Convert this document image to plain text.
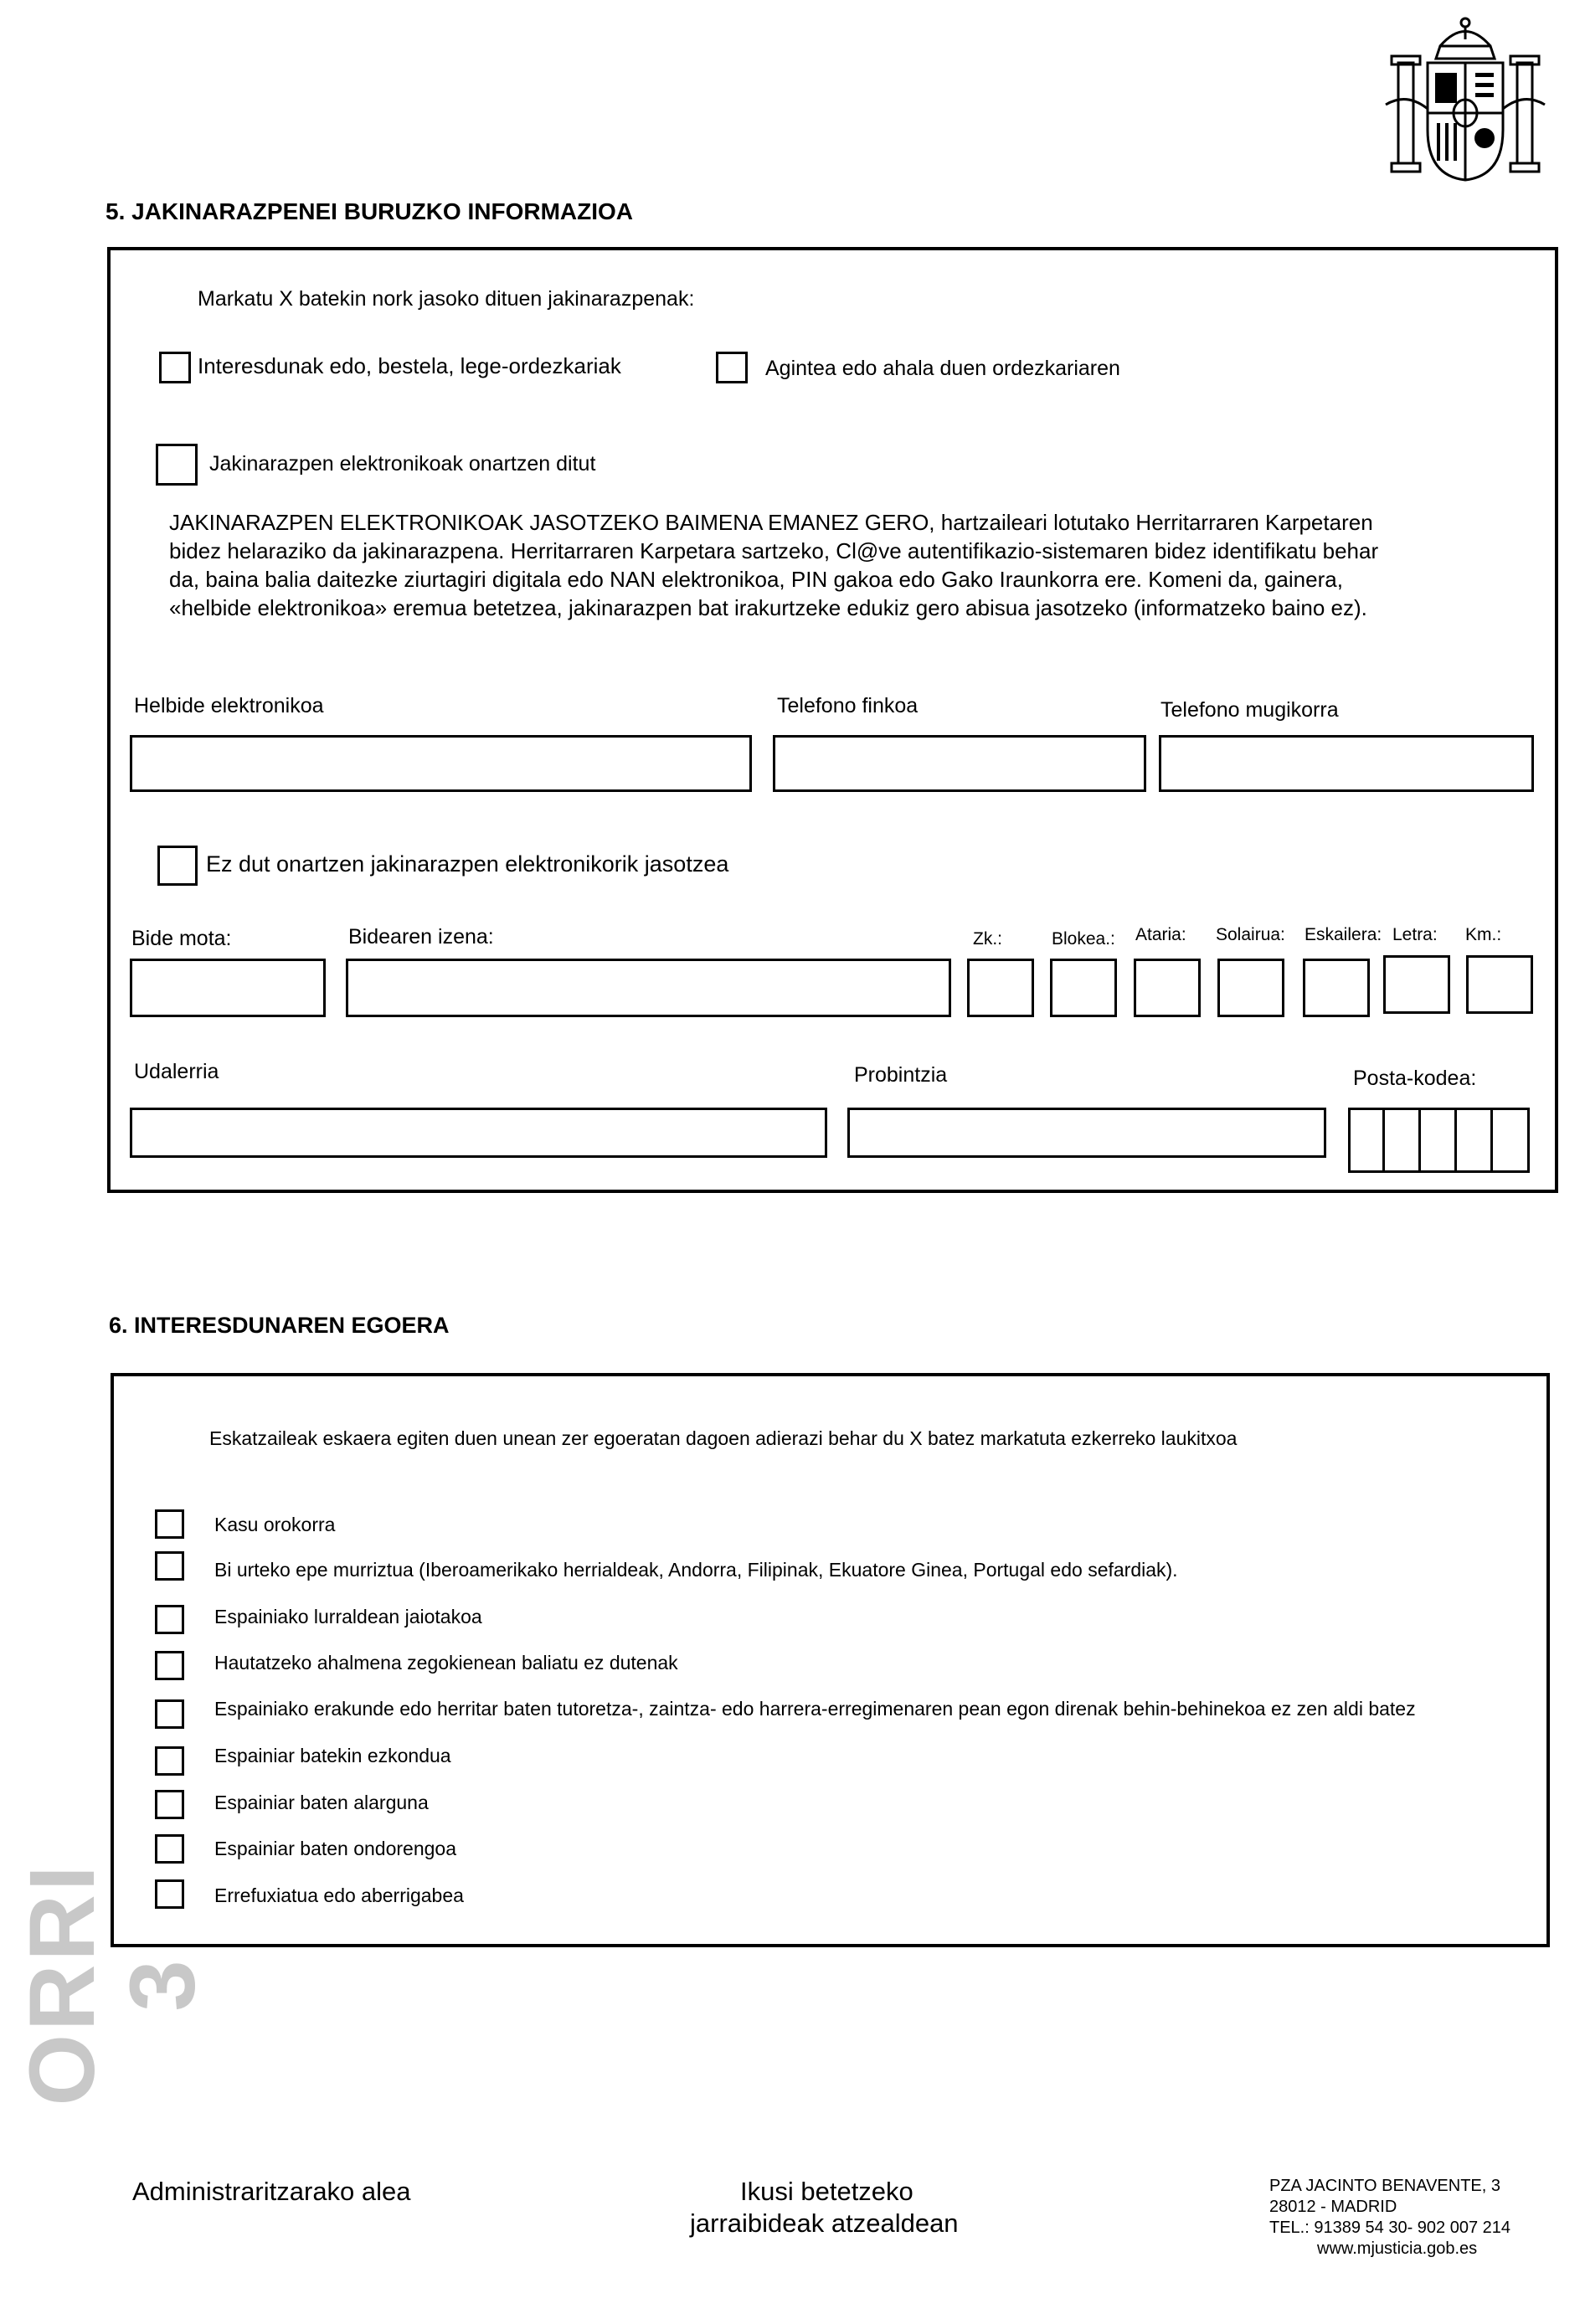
5. JAKINARAZPENEI BURUZKO INFORMAZIOA
Markatu X batekin nork jasoko dituen jakinarazpenak:
Interesdunak edo, bestela, lege-ordezkariak	Agintea edo ahala duen ordezkariaren
Jakinarazpen elektronikoak onartzen ditut
JAKINARAZPEN ELEKTRONIKOAK JASOTZEKO BAIMENA EMANEZ GERO, hartzaileari lotutako Herritarraren Karpetaren
bidez helaraziko da jakinarazpena. Herritarraren Karpetara sartzeko, Cl@ve autentifikazio-sistemaren bidez identifikatu behar
da, baina balia daitezke ziurtagiri digitala edo NAN elektronikoa, PIN gakoa edo Gako Iraunkorra ere. Komeni da, gainera,
«helbide elektronikoa» eremua betetzea, jakinarazpen bat irakurtzeke edukiz gero abisua jasotzeko (informatzeko baino ez).
Helbide elektronikoa	Telefono finkoa	Telefono mugikorra
Ez dut onartzen jakinarazpen elektronikorik jasotzea
Bide mota:	Bidearen izena:	Zk.:	Blokea.: Ataria: Solairua: Eskailera: Letra: Km.:
Udalerria	Probintzia	Posta-kodea:
6. INTERESDUNAREN EGOERA
Eskatzaileak eskaera egiten duen unean zer egoeratan dagoen adierazi behar du X batez markatuta ezkerreko laukitxoa
Kasu orokorra
Bi urteko epe murriztua (Iberoamerikako herrialdeak, Andorra, Filipinak, Ekuatore Ginea, Portugal edo sefardiak).
Espainiako lurraldean jaiotakoa
Hautatzeko ahalmena zegokienean baliatu ez dutenak
Espainiako erakunde edo herritar baten tutoretza-, zaintza- edo harrera-erregimenaren pean egon direnak behin-behinekoa ez zen aldi batez
Espainiar batekin ezkondua
Espainiar baten alarguna
Espainiar baten ondorengoa
Errefuxiatua edo aberrigabea
ORRI 3
Administraritzarako alea	Ikusi betetzeko
jarraibideak atzealdean
PZA JACINTO BENAVENTE, 3
28012 - MADRID
TEL.: 91389 54 30- 902 007 214
www.mjusticia.gob.es
